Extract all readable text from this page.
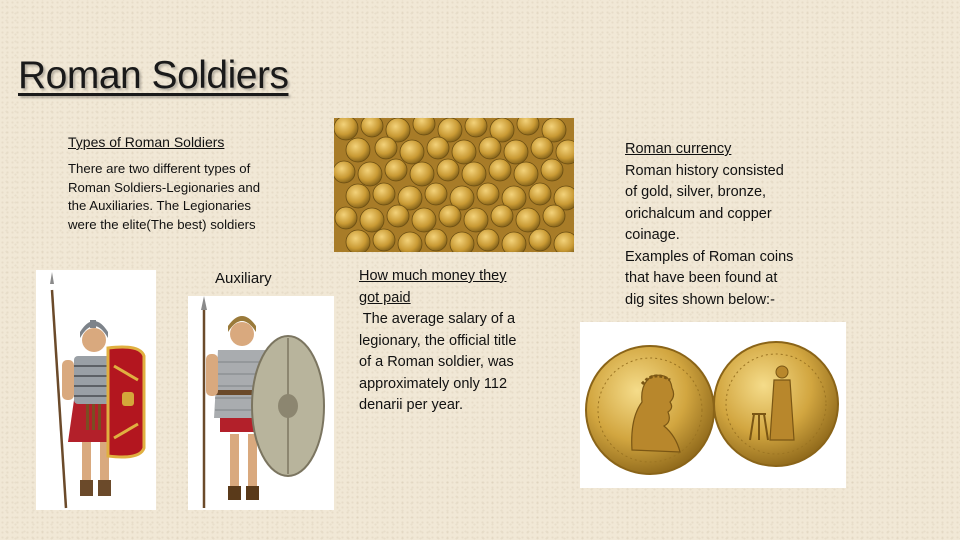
Roman Soldiers
Types of Roman Soldiers
There are two different types of
Roman Soldiers-Legionaries and
the Auxiliaries. The Legionaries
were the elite(The best) soldiers
Auxiliary	How much money they
got paid
The average salary of a
legionary, the official title
of a Roman soldier, was
approximately only 112
denarii per year.
Roman currency
Roman history consisted
of gold, silver, bronze,
orichalcum and copper
coinage.
Examples of Roman coins
that have been found at
dig sites shown below:-
